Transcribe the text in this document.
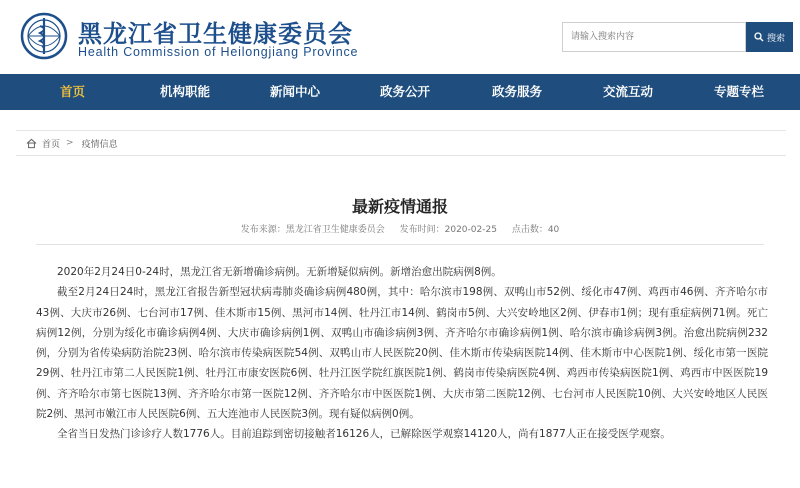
黑龙江省卫生健康委员会
Health Commission of Heilongjiang Province
请输入搜索内容
搜索
首页	机构职能	新闻中心	政务公开	政务服务	交流互动	专题专栏
首页 > 疫情信息
最新疫情通报
发布来源：黑龙江省卫生健康委员会 发布时间：2020-02-25 点击数：40

2020年2月24日0-24时，黑龙江省无新增确诊病例。无新增疑似病例。新增治愈出院病例8例。

截至2月24日24时，黑龙江省报告新型冠状病毒肺炎确诊病例480例，其中：哈尔滨市198例、双鸭山市52例、绥化市47例、鸡西市46例、齐齐哈尔市43例、大庆市26例、七台河市17例、佳木斯市15例、黑河市14例、牡丹江市14例、鹤岗市5例、大兴安岭地区2例、伊春市1例；现有重症病例71例。死亡病例12例，分别为绥化市确诊病例4例、大庆市确诊病例1例、双鸭山市确诊病例3例、齐齐哈尔市确诊病例1例、哈尔滨市确诊病例3例。治愈出院病例232例，分别为省传染病防治院23例、哈尔滨市传染病医院54例、双鸭山市人民医院20例、佳木斯市传染病医院14例、佳木斯市中心医院1例、绥化市第一医院29例、牡丹江市第二人民医院1例、牡丹江市康安医院6例、牡丹江医学院红旗医院1例、鹤岗市传染病医院4例、鸡西市传染病医院1例、鸡西市中医医院19例、齐齐哈尔市第七医院13例、齐齐哈尔市第一医院12例、齐齐哈尔市中医医院1例、大庆市第二医院12例、七台河市人民医院10例、大兴安岭地区人民医院2例、黑河市嫩江市人民医院6例、五大连池市人民医院3例。现有疑似病例0例。

全省当日发热门诊诊疗人数1776人。目前追踪到密切接触者16126人，已解除医学观察14120人，尚有1877人正在接受医学观察。
